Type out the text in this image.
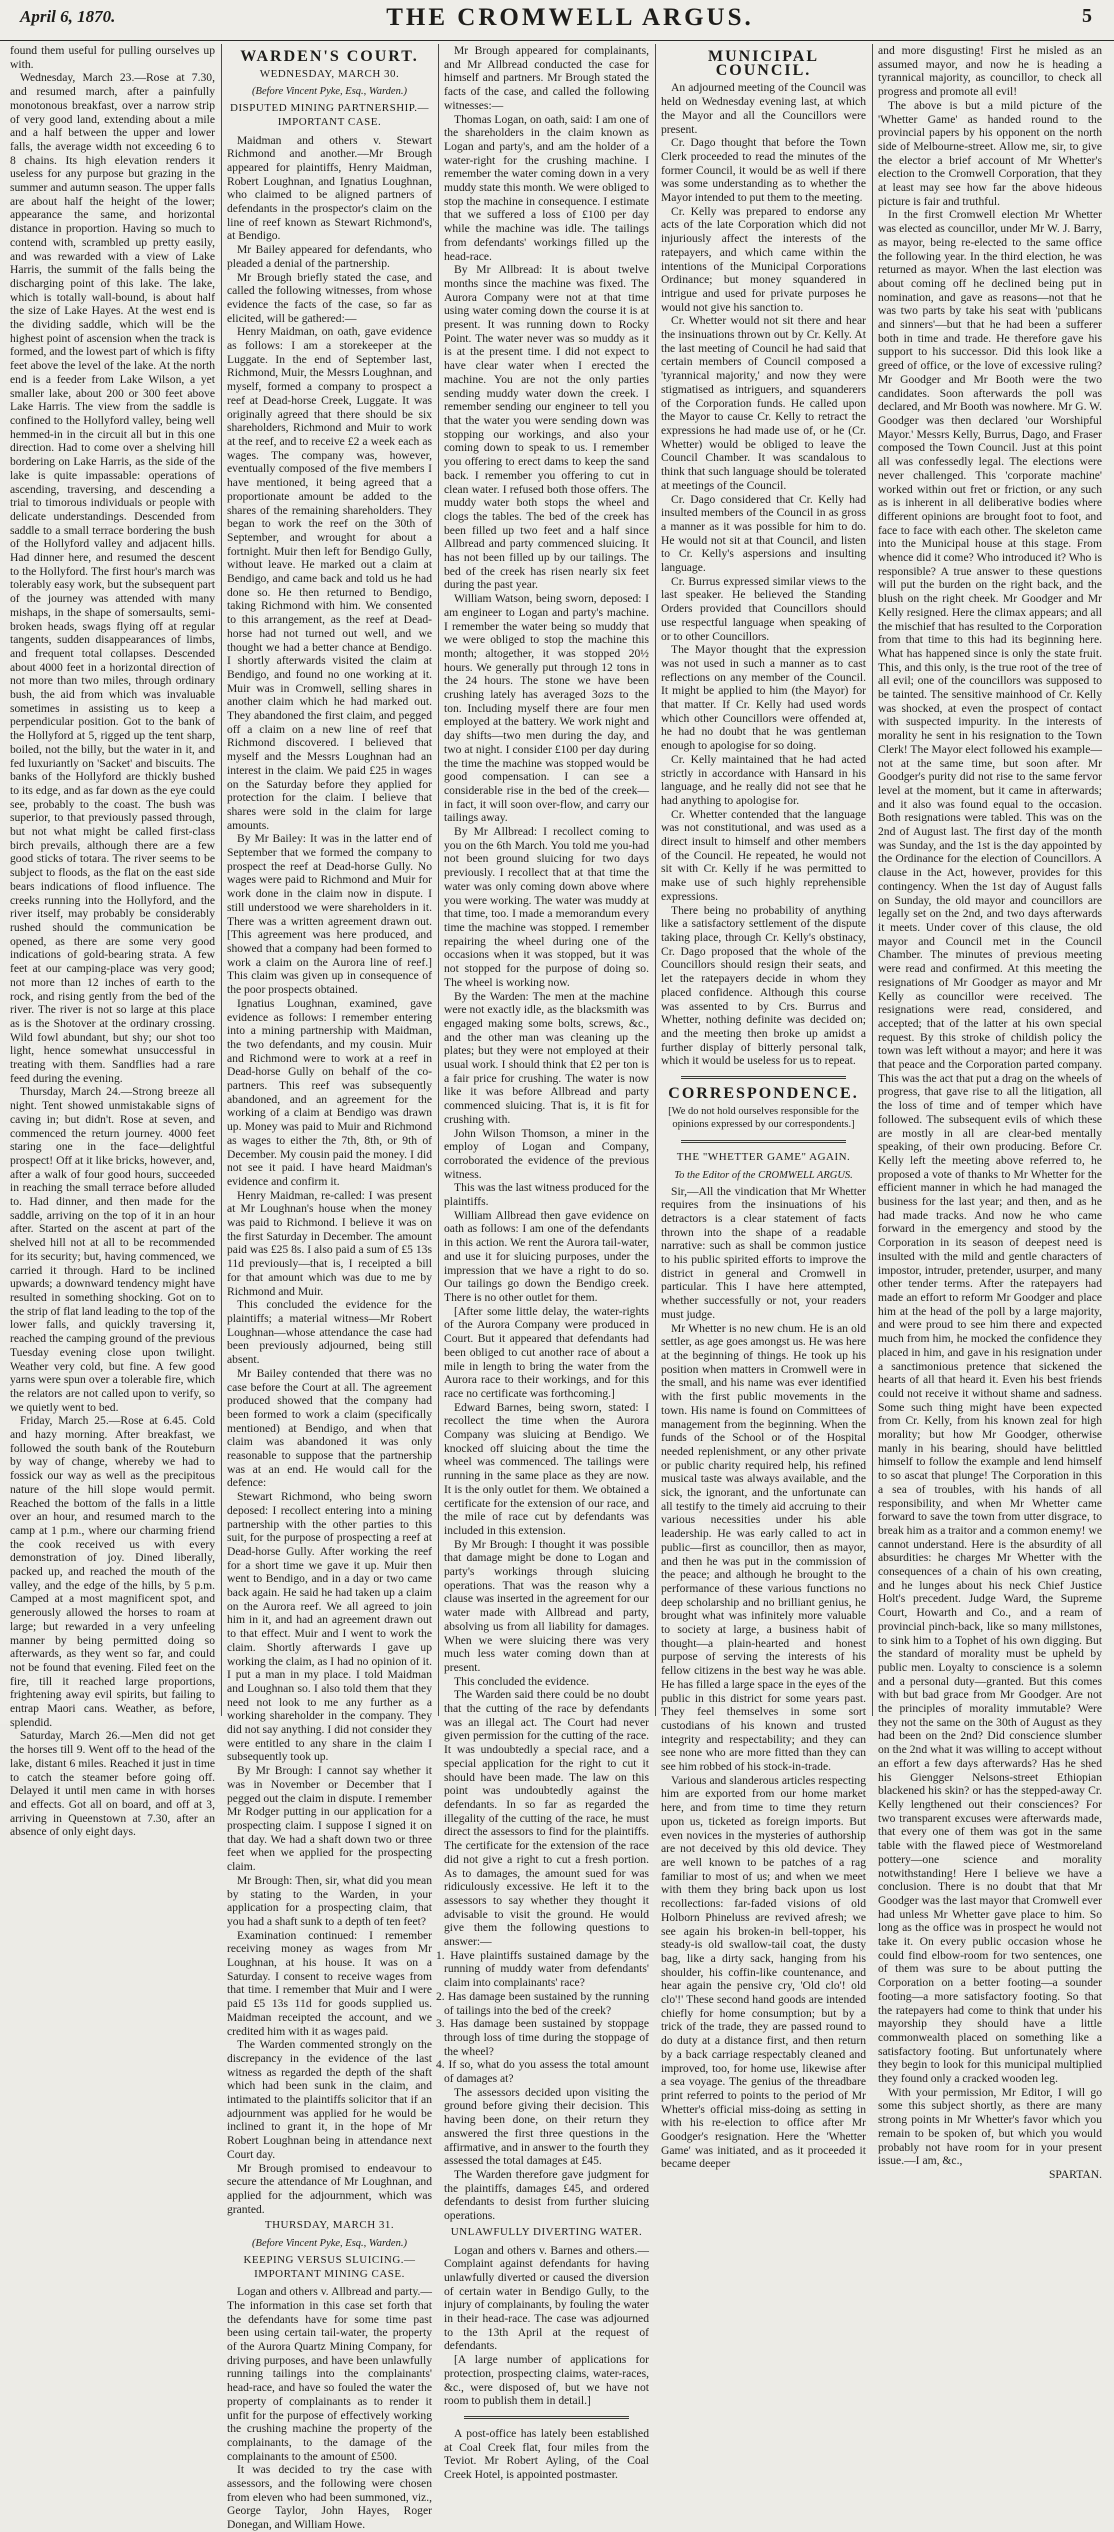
April 6, 1870.	THE CROMWELL ARGUS.	5

found them useful for pulling ourselves up with.

Wednesday, March 23.—Rose at 7.30, and resumed march, after a painfully monotonous breakfast, over a narrow strip of very good land, extending about a mile and a half between the upper and lower falls, the average width not exceeding 6 to 8 chains. Its high elevation renders it useless for any purpose but grazing in the summer and autumn season. The upper falls are about half the height of the lower; appearance the same, and horizontal distance in proportion. Having so much to contend with, scrambled up pretty easily, and was rewarded with a view of Lake Harris, the summit of the falls being the discharging point of this lake. The lake, which is totally wall-bound, is about half the size of Lake Hayes. At the west end is the dividing saddle, which will be the highest point of ascension when the track is formed, and the lowest part of which is fifty feet above the level of the lake. At the north end is a feeder from Lake Wilson, a yet smaller lake, about 200 or 300 feet above Lake Harris. The view from the saddle is confined to the Hollyford valley, being well hemmed-in in the circuit all but in this one direction. Had to come over a shelving hill bordering on Lake Harris, as the side of the lake is quite impassable: operations of ascending, traversing, and descending a trial to timorous individuals or people with delicate understandings. Descended from saddle to a small terrace bordering the bush of the Hollyford valley and adjacent hills. Had dinner here, and resumed the descent to the Hollyford. The first hour's march was tolerably easy work, but the subsequent part of the journey was attended with many mishaps, in the shape of somersaults, semi-broken heads, swags flying off at regular tangents, sudden disappearances of limbs, and frequent total collapses. Descended about 4000 feet in a horizontal direction of not more than two miles, through ordinary bush, the aid from which was invaluable sometimes in assisting us to keep a perpendicular position. Got to the bank of the Hollyford at 5, rigged up the tent sharp, boiled, not the billy, but the water in it, and fed luxuriantly on 'Sacket' and biscuits. The banks of the Hollyford are thickly bushed to its edge, and as far down as the eye could see, probably to the coast. The bush was superior, to that previously passed through, but not what might be called first-class birch prevails, although there are a few good sticks of totara. The river seems to be subject to floods, as the flat on the east side bears indications of flood influence. The creeks running into the Hollyford, and the river itself, may probably be considerably rushed should the communication be opened, as there are some very good indications of gold-bearing strata. A few feet at our camping-place was very good; not more than 12 inches of earth to the rock, and rising gently from the bed of the river. The river is not so large at this place as is the Shotover at the ordinary crossing. Wild fowl abundant, but shy; our shot too light, hence somewhat unsuccessful in treating with them. Sandflies had a rare feed during the evening.

Thursday, March 24.—Strong breeze all night. Tent showed unmistakable signs of caving in; but didn't. Rose at seven, and commenced the return journey. 4000 feet staring one in the face—delightful prospect! Off at it like bricks, however, and, after a walk of four good hours, succeeded in reaching the small terrace before alluded to. Had dinner, and then made for the saddle, arriving on the top of it in an hour after. Started on the ascent at part of the shelved hill not at all to be recommended for its security; but, having commenced, we carried it through. Hard to be inclined upwards; a downward tendency might have resulted in something shocking. Got on to the strip of flat land leading to the top of the lower falls, and quickly traversing it, reached the camping ground of the previous Tuesday evening close upon twilight. Weather very cold, but fine. A few good yarns were spun over a tolerable fire, which the relators are not called upon to verify, so we quietly went to bed.

Friday, March 25.—Rose at 6.45. Cold and hazy morning. After breakfast, we followed the south bank of the Routeburn by way of change, whereby we had to fossick our way as well as the precipitous nature of the hill slope would permit. Reached the bottom of the falls in a little over an hour, and resumed march to the camp at 1 p.m., where our charming friend the cook received us with every demonstration of joy. Dined liberally, packed up, and reached the mouth of the valley, and the edge of the hills, by 5 p.m. Camped at a most magnificent spot, and generously allowed the horses to roam at large; but rewarded in a very unfeeling manner by being permitted doing so afterwards, as they went so far, and could not be found that evening. Filed feet on the fire, till it reached large proportions, frightening away evil spirits, but failing to entrap Maori cans. Weather, as before, splendid.

Saturday, March 26.—Men did not get the horses till 9. Went off to the head of the lake, distant 6 miles. Reached it just in time to catch the steamer before going off. Delayed it until men came in with horses and effects. Got all on board, and off at 3, arriving in Queenstown at 7.30, after an absence of only eight days.

WARDEN'S COURT.
WEDNESDAY, MARCH 30.
(Before Vincent Pyke, Esq., Warden.)
DISPUTED MINING PARTNERSHIP.—IMPORTANT CASE.

Maidman and others v. Stewart Richmond and another.—Mr Brough appeared for plaintiffs, Henry Maidman, Robert Loughnan, and Ignatius Loughnan, who claimed to be aligned partners of defendants in the prospector's claim on the line of reef known as Stewart Richmond's, at Bendigo.

Mr Bailey appeared for defendants, who pleaded a denial of the partnership.

Mr Brough briefly stated the case, and called the following witnesses, from whose evidence the facts of the case, so far as elicited, will be gathered:—

Henry Maidman, on oath, gave evidence as follows: I am a storekeeper at the Luggate. In the end of September last, Richmond, Muir, the Messrs Loughnan, and myself, formed a company to prospect a reef at Dead-horse Creek, Luggate. It was originally agreed that there should be six shareholders, Richmond and Muir to work at the reef, and to receive £2 a week each as wages. The company was, however, eventually composed of the five members I have mentioned, it being agreed that a proportionate amount be added to the shares of the remaining shareholders. They began to work the reef on the 30th of September, and wrought for about a fortnight. Muir then left for Bendigo Gully, without leave. He marked out a claim at Bendigo, and came back and told us he had done so. He then returned to Bendigo, taking Richmond with him. We consented to this arrangement, as the reef at Dead-horse had not turned out well, and we thought we had a better chance at Bendigo. I shortly afterwards visited the claim at Bendigo, and found no one working at it. Muir was in Cromwell, selling shares in another claim which he had marked out. They abandoned the first claim, and pegged off a claim on a new line of reef that Richmond discovered. I believed that myself and the Messrs Loughnan had an interest in the claim. We paid £25 in wages on the Saturday before they applied for protection for the claim. I believe that shares were sold in the claim for large amounts.

By Mr Bailey: It was in the latter end of September that we formed the company to prospect the reef at Dead-horse Gully. No wages were paid to Richmond and Muir for work done in the claim now in dispute. I still understood we were shareholders in it. There was a written agreement drawn out. [This agreement was here produced, and showed that a company had been formed to work a claim on the Aurora line of reef.] This claim was given up in consequence of the poor prospects obtained.

Ignatius Loughnan, examined, gave evidence as follows: I remember entering into a mining partnership with Maidman, the two defendants, and my cousin. Muir and Richmond were to work at a reef in Dead-horse Gully on behalf of the co-partners. This reef was subsequently abandoned, and an agreement for the working of a claim at Bendigo was drawn up. Money was paid to Muir and Richmond as wages to either the 7th, 8th, or 9th of December. My cousin paid the money. I did not see it paid. I have heard Maidman's evidence and confirm it.

Henry Maidman, re-called: I was present at Mr Loughnan's house when the money was paid to Richmond. I believe it was on the first Saturday in December. The amount paid was £25 8s. I also paid a sum of £5 13s 11d previously—that is, I receipted a bill for that amount which was due to me by Richmond and Muir.

This concluded the evidence for the plaintiffs; a material witness—Mr Robert Loughnan—whose attendance the case had been previously adjourned, being still absent.

Mr Bailey contended that there was no case before the Court at all. The agreement produced showed that the company had been formed to work a claim (specifically mentioned) at Bendigo, and when that claim was abandoned it was only reasonable to suppose that the partnership was at an end. He would call for the defence:

Stewart Richmond, who being sworn deposed: I recollect entering into a mining partnership with the other parties to this suit, for the purpose of prospecting a reef at Dead-horse Gully. After working the reef for a short time we gave it up. Muir then went to Bendigo, and in a day or two came back again. He said he had taken up a claim on the Aurora reef. We all agreed to join him in it, and had an agreement drawn out to that effect. Muir and I went to work the claim. Shortly afterwards I gave up working the claim, as I had no opinion of it. I put a man in my place. I told Maidman and Loughnan so. I also told them that they need not look to me any further as a working shareholder in the company. They did not say anything. I did not consider they were entitled to any share in the claim I subsequently took up.

By Mr Brough: I cannot say whether it was in November or December that I pegged out the claim in dispute. I remember Mr Rodger putting in our application for a prospecting claim. I suppose I signed it on that day. We had a shaft down two or three feet when we applied for the prospecting claim.

Mr Brough: Then, sir, what did you mean by stating to the Warden, in your application for a prospecting claim, that you had a shaft sunk to a depth of ten feet?

Examination continued: I remember receiving money as wages from Mr Loughnan, at his house. It was on a Saturday. I consent to receive wages from that time. I remember that Muir and I were paid £5 13s 11d for goods supplied us. Maidman receipted the account, and we credited him with it as wages paid.

The Warden commented strongly on the discrepancy in the evidence of the last witness as regarded the depth of the shaft which had been sunk in the claim, and intimated to the plaintiffs solicitor that if an adjournment was applied for he would be inclined to grant it, in the hope of Mr Robert Loughnan being in attendance next Court day.

Mr Brough promised to endeavour to secure the attendance of Mr Loughnan, and applied for the adjournment, which was granted.

THURSDAY, MARCH 31.
(Before Vincent Pyke, Esq., Warden.)
KEEPING VERSUS SLUICING.—IMPORTANT MINING CASE.

Logan and others v. Allbread and party.—The information in this case set forth that the defendants have for some time past been using certain tail-water, the property of the Aurora Quartz Mining Company, for driving purposes, and have been unlawfully running tailings into the complainants' head-race, and have so fouled the water the property of complainants as to render it unfit for the purpose of effectively working the crushing machine the property of the complainants, to the damage of the complainants to the amount of £500.

It was decided to try the case with assessors, and the following were chosen from eleven who had been summoned, viz., George Taylor, John Hayes, Roger Donegan, and William Howe.

Mr Brough appeared for complainants, and Mr Allbread conducted the case for himself and partners. Mr Brough stated the facts of the case, and called the following witnesses:—

Thomas Logan, on oath, said: I am one of the shareholders in the claim known as Logan and party's, and am the holder of a water-right for the crushing machine. I remember the water coming down in a very muddy state this month. We were obliged to stop the machine in consequence. I estimate that we suffered a loss of £100 per day while the machine was idle. The tailings from defendants' workings filled up the head-race.

By Mr Allbread: It is about twelve months since the machine was fixed. The Aurora Company were not at that time using water coming down the course it is at present. It was running down to Rocky Point. The water never was so muddy as it is at the present time. I did not expect to have clear water when I erected the machine. You are not the only parties sending muddy water down the creek. I remember sending our engineer to tell you that the water you were sending down was stopping our workings, and also your coming down to speak to us. I remember you offering to erect dams to keep the sand back. I remember you offering to cut in clean water. I refused both those offers. The muddy water both stops the wheel and clogs the tables. The bed of the creek has been filled up two feet and a half since Allbread and party commenced sluicing. It has not been filled up by our tailings. The bed of the creek has risen nearly six feet during the past year.

William Watson, being sworn, deposed: I am engineer to Logan and party's machine. I remember the water being so muddy that we were obliged to stop the machine this month; altogether, it was stopped 20½ hours. We generally put through 12 tons in the 24 hours. The stone we have been crushing lately has averaged 3ozs to the ton. Including myself there are four men employed at the battery. We work night and day shifts—two men during the day, and two at night. I consider £100 per day during the time the machine was stopped would be good compensation. I can see a considerable rise in the bed of the creek—in fact, it will soon over-flow, and carry our tailings away.

By Mr Allbread: I recollect coming to you on the 6th March. You told me you-had not been ground sluicing for two days previously. I recollect that at that time the water was only coming down above where you were working. The water was muddy at that time, too. I made a memorandum every time the machine was stopped. I remember repairing the wheel during one of the occasions when it was stopped, but it was not stopped for the purpose of doing so. The wheel is working now.

By the Warden: The men at the machine were not exactly idle, as the blacksmith was engaged making some bolts, screws, &c., and the other man was cleaning up the plates; but they were not employed at their usual work. I should think that £2 per ton is a fair price for crushing. The water is now like it was before Allbread and party commenced sluicing. That is, it is fit for crushing with.

John Wilson Thomson, a miner in the employ of Logan and Company, corroborated the evidence of the previous witness.

This was the last witness produced for the plaintiffs.

William Allbread then gave evidence on oath as follows: I am one of the defendants in this action. We rent the Aurora tail-water, and use it for sluicing purposes, under the impression that we have a right to do so. Our tailings go down the Bendigo creek. There is no other outlet for them.

[After some little delay, the water-rights of the Aurora Company were produced in Court. But it appeared that defendants had been obliged to cut another race of about a mile in length to bring the water from the Aurora race to their workings, and for this race no certificate was forthcoming.]

Edward Barnes, being sworn, stated: I recollect the time when the Aurora Company was sluicing at Bendigo. We knocked off sluicing about the time the wheel was commenced. The tailings were running in the same place as they are now. It is the only outlet for them. We obtained a certificate for the extension of our race, and the mile of race cut by defendants was included in this extension.

By Mr Brough: I thought it was possible that damage might be done to Logan and party's workings through sluicing operations. That was the reason why a clause was inserted in the agreement for our water made with Allbread and party, absolving us from all liability for damages. When we were sluicing there was very much less water coming down than at present.

This concluded the evidence.

The Warden said there could be no doubt that the cutting of the race by defendants was an illegal act. The Court had never given permission for the cutting of the race. It was undoubtedly a special race, and a special application for the right to cut it should have been made. The law on this point was undoubtedly against the defendants. In so far as regarded the illegality of the cutting of the race, he must direct the assessors to find for the plaintiffs. The certificate for the extension of the race did not give a right to cut a fresh portion. As to damages, the amount sued for was ridiculously excessive. He left it to the assessors to say whether they thought it advisable to visit the ground. He would give them the following questions to answer:—

1. Have plaintiffs sustained damage by the running of muddy water from defendants' claim into complainants' race?

2. Has damage been sustained by the running of tailings into the bed of the creek?

3. Has damage been sustained by stoppage through loss of time during the stoppage of the wheel?

4. If so, what do you assess the total amount of damages at?

The assessors decided upon visiting the ground before giving their decision. This having been done, on their return they answered the first three questions in the affirmative, and in answer to the fourth they assessed the total damages at £45.

The Warden therefore gave judgment for the plaintiffs, damages £45, and ordered defendants to desist from further sluicing operations.

UNLAWFULLY DIVERTING WATER.

Logan and others v. Barnes and others.—Complaint against defendants for having unlawfully diverted or caused the diversion of certain water in Bendigo Gully, to the injury of complainants, by fouling the water in their head-race. The case was adjourned to the 13th April at the request of defendants.

[A large number of applications for protection, prospecting claims, water-races, &c., were disposed of, but we have not room to publish them in detail.]

A post-office has lately been established at Coal Creek flat, four miles from the Teviot. Mr Robert Ayling, of the Coal Creek Hotel, is appointed postmaster.

MUNICIPAL COUNCIL.

An adjourned meeting of the Council was held on Wednesday evening last, at which the Mayor and all the Councillors were present.

Cr. Dago thought that before the Town Clerk proceeded to read the minutes of the former Council, it would be as well if there was some understanding as to whether the Mayor intended to put them to the meeting.

Cr. Kelly was prepared to endorse any acts of the late Corporation which did not injuriously affect the interests of the ratepayers, and which came within the intentions of the Municipal Corporations Ordinance; but money squandered in intrigue and used for private purposes he would not give his sanction to.

Cr. Whetter would not sit there and hear the insinuations thrown out by Cr. Kelly. At the last meeting of Council he had said that certain members of Council composed a 'tyrannical majority,' and now they were stigmatised as intriguers, and squanderers of the Corporation funds. He called upon the Mayor to cause Cr. Kelly to retract the expressions he had made use of, or he (Cr. Whetter) would be obliged to leave the Council Chamber. It was scandalous to think that such language should be tolerated at meetings of the Council.

Cr. Dago considered that Cr. Kelly had insulted members of the Council in as gross a manner as it was possible for him to do. He would not sit at that Council, and listen to Cr. Kelly's aspersions and insulting language.

Cr. Burrus expressed similar views to the last speaker. He believed the Standing Orders provided that Councillors should use respectful language when speaking of or to other Councillors.

The Mayor thought that the expression was not used in such a manner as to cast reflections on any member of the Council. It might be applied to him (the Mayor) for that matter. If Cr. Kelly had used words which other Councillors were offended at, he had no doubt that he was gentleman enough to apologise for so doing.

Cr. Kelly maintained that he had acted strictly in accordance with Hansard in his language, and he really did not see that he had anything to apologise for.

Cr. Whetter contended that the language was not constitutional, and was used as a direct insult to himself and other members of the Council. He repeated, he would not sit with Cr. Kelly if he was permitted to make use of such highly reprehensible expressions.

There being no probability of anything like a satisfactory settlement of the dispute taking place, through Cr. Kelly's obstinacy, Cr. Dago proposed that the whole of the Councillors should resign their seats, and let the ratepayers decide in whom they placed confidence. Although this course was assented to by Crs. Burrus and Whetter, nothing definite was decided on; and the meeting then broke up amidst a further display of bitterly personal talk, which it would be useless for us to repeat.

CORRESPONDENCE.

[We do not hold ourselves responsible for the opinions expressed by our correspondents.]

THE "WHETTER GAME" AGAIN.
To the Editor of the CROMWELL ARGUS.

Sir,—All the vindication that Mr Whetter requires from the insinuations of his detractors is a clear statement of facts thrown into the shape of a readable narrative: such as shall be common justice to his public spirited efforts to improve the district in general and Cromwell in particular. This I have here attempted, whether successfully or not, your readers must judge.

Mr Whetter is no new chum. He is an old settler, as age goes amongst us. He was here at the beginning of things. He took up his position when matters in Cromwell were in the small, and his name was ever identified with the first public movements in the town. His name is found on Committees of management from the beginning. When the funds of the School or of the Hospital needed replenishment, or any other private or public charity required help, his refined musical taste was always available, and the sick, the ignorant, and the unfortunate can all testify to the timely aid accruing to their various necessities under his able leadership. He was early called to act in public—first as councillor, then as mayor, and then he was put in the commission of the peace; and although he brought to the performance of these various functions no deep scholarship and no brilliant genius, he brought what was infinitely more valuable to society at large, a business habit of thought—a plain-hearted and honest purpose of serving the interests of his fellow citizens in the best way he was able. He has filled a large space in the eyes of the public in this district for some years past. They feel themselves in some sort custodians of his known and trusted integrity and respectability; and they can see none who are more fitted than they can see him robbed of his stock-in-trade.

Various and slanderous articles respecting him are exported from our home market here, and from time to time they return upon us, ticketed as foreign imports. But even novices in the mysteries of authorship are not deceived by this old device. They are well known to be patches of a rag familiar to most of us; and when we meet with them they bring back upon us lost recollections: far-faded visions of old Holborn Phineluss are revived afresh; we see again his broken-in bell-topper, his steady-is old swallow-tail coat, the dusty bag, like a dirty sack, hanging from his shoulder, his coffin-like countenance, and hear again the pensive cry, 'Old clo'! old clo'!' These second hand goods are intended chiefly for home consumption; but by a trick of the trade, they are passed round to do duty at a distance first, and then return by a back carriage respectably cleaned and improved, too, for home use, likewise after a sea voyage. The genius of the threadbare print referred to points to the period of Mr Whetter's official miss-doing as setting in with his re-election to office after Mr Goodger's resignation. Here the 'Whetter Game' was initiated, and as it proceeded it became deeper

and more disgusting! First he misled as an assumed mayor, and now he is heading a tyrannical majority, as councillor, to check all progress and promote all evil!

The above is but a mild picture of the 'Whetter Game' as handed round to the provincial papers by his opponent on the north side of Melbourne-street. Allow me, sir, to give the elector a brief account of Mr Whetter's election to the Cromwell Corporation, that they at least may see how far the above hideous picture is fair and truthful.

In the first Cromwell election Mr Whetter was elected as councillor, under Mr W. J. Barry, as mayor, being re-elected to the same office the following year. In the third election, he was returned as mayor. When the last election was about coming off he declined being put in nomination, and gave as reasons—not that he was two parts by take his seat with 'publicans and sinners'—but that he had been a sufferer both in time and trade. He therefore gave his support to his successor. Did this look like a greed of office, or the love of excessive ruling? Mr Goodger and Mr Booth were the two candidates. Soon afterwards the poll was declared, and Mr Booth was nowhere. Mr G. W. Goodger was then declared 'our Worshipful Mayor.' Messrs Kelly, Burrus, Dago, and Fraser composed the Town Council. Just at this point all was confessedly legal. The elections were never challenged. This 'corporate machine' worked within out fret or friction, or any such as is inherent in all deliberative bodies where different opinions are brought foot to foot, and face to face with each other. The skeleton came into the Municipal house at this stage. From whence did it come? Who introduced it? Who is responsible? A true answer to these questions will put the burden on the right back, and the blush on the right cheek. Mr Goodger and Mr Kelly resigned. Here the climax appears; and all the mischief that has resulted to the Corporation from that time to this had its beginning here. What has happened since is only the state fruit. This, and this only, is the true root of the tree of all evil; one of the councillors was supposed to be tainted. The sensitive mainhood of Cr. Kelly was shocked, at even the prospect of contact with suspected impurity. In the interests of morality he sent in his resignation to the Town Clerk! The Mayor elect followed his example—not at the same time, but soon after. Mr Goodger's purity did not rise to the same fervor level at the moment, but it came in afterwards; and it also was found equal to the occasion. Both resignations were tabled. This was on the 2nd of August last. The first day of the month was Sunday, and the 1st is the day appointed by the Ordinance for the election of Councillors. A clause in the Act, however, provides for this contingency. When the 1st day of August falls on Sunday, the old mayor and councillors are legally set on the 2nd, and two days afterwards it meets. Under cover of this clause, the old mayor and Council met in the Council Chamber. The minutes of previous meeting were read and confirmed. At this meeting the resignations of Mr Goodger as mayor and Mr Kelly as councillor were received. The resignations were read, considered, and accepted; that of the latter at his own special request. By this stroke of childish policy the town was left without a mayor; and here it was that peace and the Corporation parted company. This was the act that put a drag on the wheels of progress, that gave rise to all the litigation, all the loss of time and of temper which have followed. The subsequent evils of which these are mostly in all are clear-bed mentally speaking, of their own producing. Before Cr. Kelly left the meeting above referred to, he proposed a vote of thanks to Mr Whetter for the efficient manner in which he had managed the business for the last year; and then, and as he had made tracks. And now he who came forward in the emergency and stood by the Corporation in its season of deepest need is insulted with the mild and gentle characters of impostor, intruder, pretender, usurper, and many other tender terms. After the ratepayers had made an effort to reform Mr Goodger and place him at the head of the poll by a large majority, and were proud to see him there and expected much from him, he mocked the confidence they placed in him, and gave in his resignation under a sanctimonious pretence that sickened the hearts of all that heard it. Even his best friends could not receive it without shame and sadness. Some such thing might have been expected from Cr. Kelly, from his known zeal for high morality; but how Mr Goodger, otherwise manly in his bearing, should have belittled himself to follow the example and lend himself to so ascat that plunge! The Corporation in this a sea of troubles, with his hands of all responsibility, and when Mr Whetter came forward to save the town from utter disgrace, to break him as a traitor and a common enemy! we cannot understand. Here is the absurdity of all absurdities: he charges Mr Whetter with the consequences of a chain of his own creating, and he lunges about his neck Chief Justice Holt's precedent. Judge Ward, the Supreme Court, Howarth and Co., and a ream of provincial pinch-back, like so many millstones, to sink him to a Tophet of his own digging. But the standard of morality must be upheld by public men. Loyalty to conscience is a solemn and a personal duty—granted. But this comes with but bad grace from Mr Goodger. Are not the principles of morality immutable? Were they not the same on the 30th of August as they had been on the 2nd? Did conscience slumber on the 2nd what it was willing to accept without an effort a few days afterwards? Has he shed his Giengger Nelsons-street Ethiopian blackened his skin? or has the stepped-away Cr. Kelly lengthened out their consciences? For two transparent excuses were afterwards made, that every one of them was got in the same table with the flawed piece of Westmoreland pottery—one science and morality notwithstanding! Here I believe we have a conclusion. There is no doubt that that Mr Goodger was the last mayor that Cromwell ever had unless Mr Whetter gave place to him. So long as the office was in prospect he would not take it. On every public occasion whose he could find elbow-room for two sentences, one of them was sure to be about putting the Corporation on a better footing—a sounder footing—a more satisfactory footing. So that the ratepayers had come to think that under his mayorship they should have a little commonwealth placed on something like a satisfactory footing. But unfortunately where they begin to look for this municipal multiplied they found only a cracked wooden leg.

With your permission, Mr Editor, I will go some this subject shortly, as there are many strong points in Mr Whetter's favor which you remain to be spoken of, but which you would probably not have room for in your present issue.—I am, &c.,

SPARTAN.
